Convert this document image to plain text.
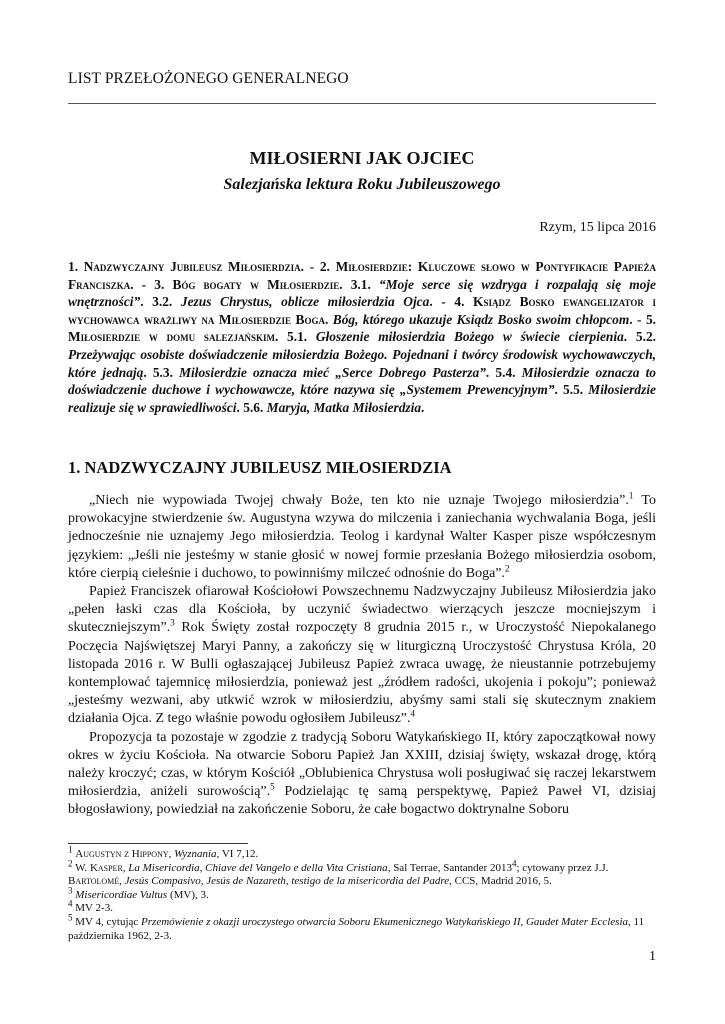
LIST PRZEŁOŻONEGO GENERALNEGO
MIŁOSIERNI JAK OJCIEC
Salezjańska lektura Roku Jubileuszowego
Rzym, 15 lipca 2016
1. Nadzwyczajny Jubileusz Miłosierdzia. - 2. Miłosierdzie: Kluczowe słowo w Pontyfikacie Papieża Franciszka. - 3. Bóg bogaty w Miłosierdzie. 3.1. “Moje serce się wzdryga i rozpalają się moje wnętrzności”. 3.2. Jezus Chrystus, oblicze miłosierdzia Ojca. - 4. Ksiądz Bosko ewangelizator i wychowawca wrażliwy na Miłosierdzie Boga. Bóg, którego ukazuje Ksiądz Bosko swoim chłopcom. - 5. Miłosierdzie w domu salezjańskim. 5.1. Głoszenie miłosierdzia Bożego w świecie cierpienia. 5.2. Przeżywając osobiste doświadczenie miłosierdzia Bożego. Pojednani i twórcy środowisk wychowawczych, które jednają. 5.3. Miłosierdzie oznacza mieć „Serce Dobrego Pasterza”. 5.4. Miłosierdzie oznacza to doświadczenie duchowe i wychowawcze, które nazywa się „Systemem Prewencyjnym”. 5.5. Miłosierdzie realizuje się w sprawiedliwości. 5.6. Maryja, Matka Miłosierdzia.
1. NADZWYCZAJNY JUBILEUSZ MIŁOSIERDZIA

„Niech nie wypowiada Twojej chwały Boże, ten kto nie uznaje Twojego miłosierdzia”.$^1$ To prowokacyjne stwierdzenie św. Augustyna wzywa do milczenia i zaniechania wychwalania Boga, jeśli jednocześnie nie uznajemy Jego miłosierdzia. Teolog i kardynał Walter Kasper pisze współczesnym językiem: „Jeśli nie jesteśmy w stanie głosić w nowej formie przesłania Bożego miłosierdzia osobom, które cierpią cieleśnie i duchowo, to powinniśmy milczeć odnośnie do Boga”.$^2$

Papież Franciszek ofiarował Kościołowi Powszechnemu Nadzwyczajny Jubileusz Miłosierdzia jako „pełen łaski czas dla Kościoła, by uczynić świadectwo wierzących jeszcze mocniejszym i skuteczniejszym”.$^3$ Rok Święty został rozpoczęty 8 grudnia 2015 r., w Uroczystość Niepokalanego Poczęcia Najświętszej Maryi Panny, a zakończy się w liturgiczną Uroczystość Chrystusa Króla, 20 listopada 2016 r. W Bulli ogłaszającej Jubileusz Papież zwraca uwagę, że nieustannie potrzebujemy kontemplować tajemnicę miłosierdzia, ponieważ jest „źródłem radości, ukojenia i pokoju”; ponieważ „jesteśmy wezwani, aby utkwić wzrok w miłosierdziu, abyśmy sami stali się skutecznym znakiem działania Ojca. Z tego właśnie powodu ogłosiłem Jubileusz”.$^4$

Propozycja ta pozostaje w zgodzie z tradycją Soboru Watykańskiego II, który zapoczątkował nowy okres w życiu Kościoła. Na otwarcie Soboru Papież Jan XXIII, dzisiaj święty, wskazał drogę, którą należy kroczyć; czas, w którym Kościół „Oblubienica Chrystusa woli posługiwać się raczej lekarstwem miłosierdzia, aniżeli surowością”.$^5$ Podzielając tę samą perspektywę, Papież Paweł VI, dzisiaj błogosławiony, powiedział na zakończenie Soboru, że całe bogactwo doktrynalne Soboru

$^1$ Augustyn z Hippony, Wyznania, VI 7,12.
$^2$ W. Kasper, La Misericordia, Chiave del Vangelo e della Vita Cristiana, Sal Terrae, Santander 2013$^4$; cytowany przez J.J. Bartolomé, Jesús Compasivo, Jesús de Nazareth, testigo de la misericordia del Padre, CCS, Madrid 2016, 5.
$^3$ Misericordiae Vultus (MV), 3.
$^4$ MV 2-3.
$^5$ MV 4, cytując Przemówienie z okazji uroczystego otwarcia Soboru Ekumenicznego Watykańskiego II, Gaudet Mater Ecclesia, 11 października 1962, 2-3.
1
